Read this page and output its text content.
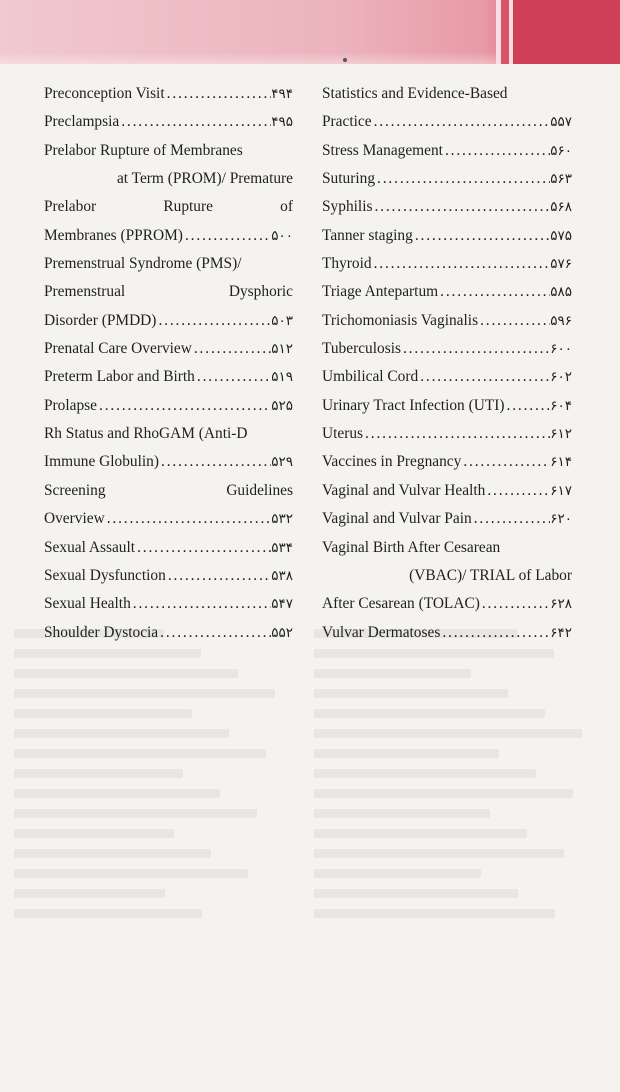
Preconception Visit . . .	۴۹۴
Preclampsia . . .	۴۹۵
Prelabor Rupture of Membranes
at Term (PROM)/ Premature
Prelabor	Rupture	of
Membranes (PPROM) . . .	۵۰۰
Premenstrual Syndrome (PMS)/
Premenstrual	Dysphoric
Disorder (PMDD) . . .	۵۰۳
Prenatal Care Overview . . .	۵۱۲
Preterm Labor and Birth . . .	۵۱۹
Prolapse . . .	۵۲۵
Rh Status and RhoGAM (Anti-D
Immune Globulin) . . .	۵۲۹
Screening	Guidelines
Overview . . .	۵۳۲
Sexual Assault . . .	۵۳۴
Sexual Dysfunction . . .	۵۳۸
Sexual Health . . .	۵۴۷
Shoulder Dystocia . . .	۵۵۲
Statistics and Evidence-Based
Practice . . .	۵۵۷
Stress Management . . .	۵۶۰
Suturing . . .	۵۶۳
Syphilis . . .	۵۶۸
Tanner staging . . .	۵۷۵
Thyroid . . .	۵۷۶
Triage Antepartum . . .	۵۸۵
Trichomoniasis Vaginalis . . .	۵۹۶
Tuberculosis . . .	۶۰۰
Umbilical Cord . . .	۶۰۲
Urinary Tract Infection (UTI) . . .	۶۰۴
Uterus . . .	۶۱۲
Vaccines in Pregnancy . . .	۶۱۴
Vaginal and Vulvar Health . . .	۶۱۷
Vaginal and Vulvar Pain . . .	۶۲۰
Vaginal Birth After Cesarean
(VBAC)/ TRIAL of Labor
After Cesarean (TOLAC) . . .	۶۲۸
Vulvar Dermatoses . . .	۶۴۲
